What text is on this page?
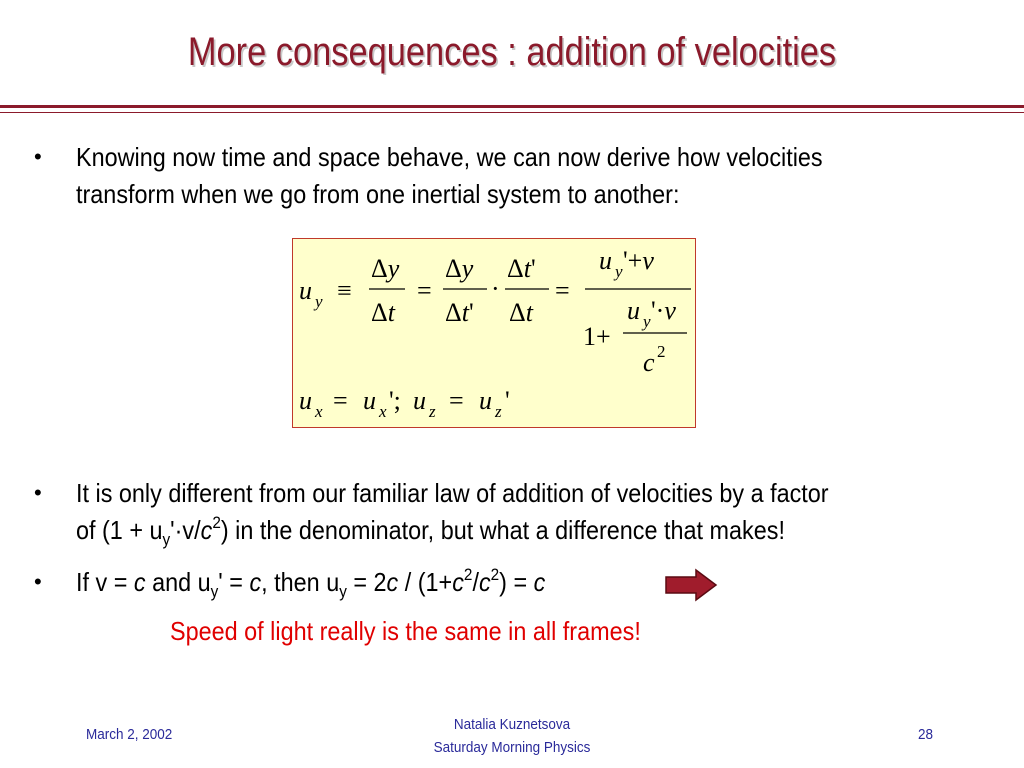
More consequences : addition of velocities
• Knowing now time and space behave, we can now derive how velocities
transform when we go from one inertial system to another:
• It is only different from our familiar law of addition of velocities by a factor
of $(1 + u_y'\cdot v/c^2)$ in the denominator, but what a difference that makes!
• If v = c and $u_y' = c$, then $u_y = 2c / (1+c^2/c^2) = c$
Speed of light really is the same in all frames!
u y ≡
Δy
Δt
=
Δy
Δt'
·
Δt'
Δt
=
u y '+v
1+
u y '·v
c 2
u x = u x '; u z = u z '
March 2, 2002
Natalia Kuznetsova
Saturday Morning Physics
28
